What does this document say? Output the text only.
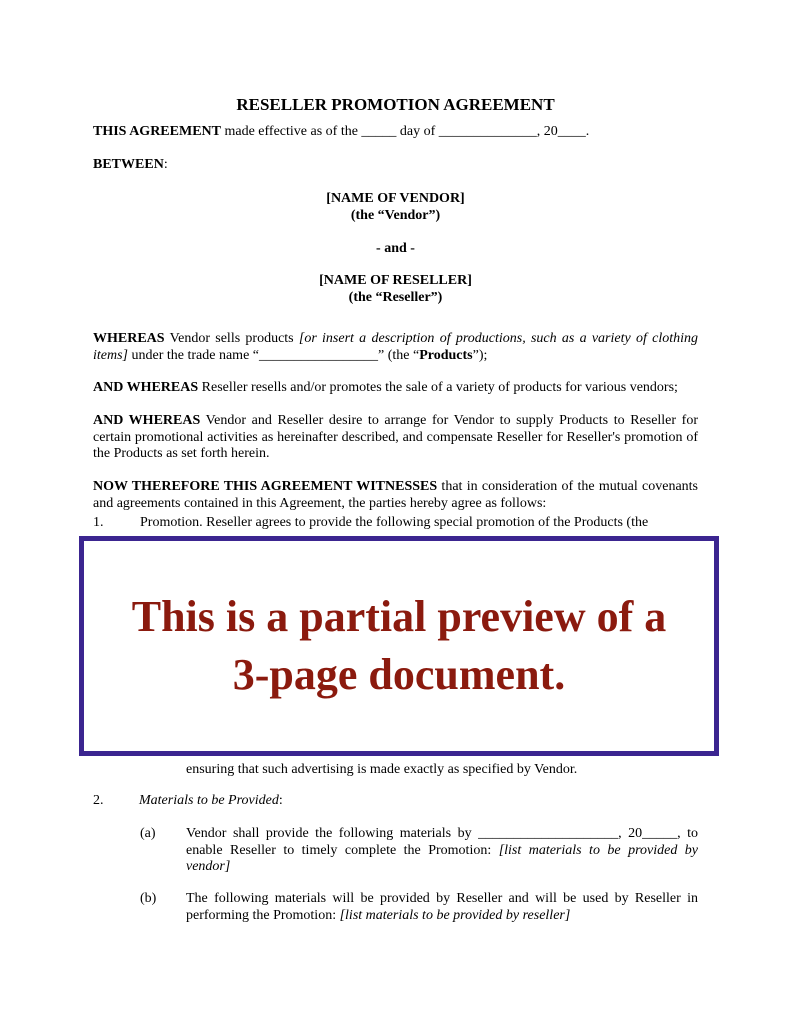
RESELLER PROMOTION AGREEMENT
THIS AGREEMENT made effective as of the _____ day of ______________, 20____.
BETWEEN:
[NAME OF VENDOR]
(the “Vendor”)
- and -
[NAME OF RESELLER]
(the “Reseller”)
WHEREAS Vendor sells products [or insert a description of productions, such as a variety of clothing items] under the trade name “_________________” (the “Products”);
AND WHEREAS Reseller resells and/or promotes the sale of a variety of products for various vendors;
AND WHEREAS Vendor and Reseller desire to arrange for Vendor to supply Products to Reseller for certain promotional activities as hereinafter described, and compensate Reseller for Reseller's promotion of the Products as set forth herein.
NOW THEREFORE THIS AGREEMENT WITNESSES that in consideration of the mutual covenants and agreements contained in this Agreement, the parties hereby agree as follows:
1.	Promotion. Reseller agrees to provide the following special promotion of the Products (the
This is a partial preview of a
3-page document.
ensuring that such advertising is made exactly as specified by Vendor.
2.	Materials to be Provided:
(a)	Vendor shall provide the following materials by ____________________, 20_____, to enable Reseller to timely complete the Promotion: [list materials to be provided by vendor]
(b)	The following materials will be provided by Reseller and will be used by Reseller in performing the Promotion: [list materials to be provided by reseller]
